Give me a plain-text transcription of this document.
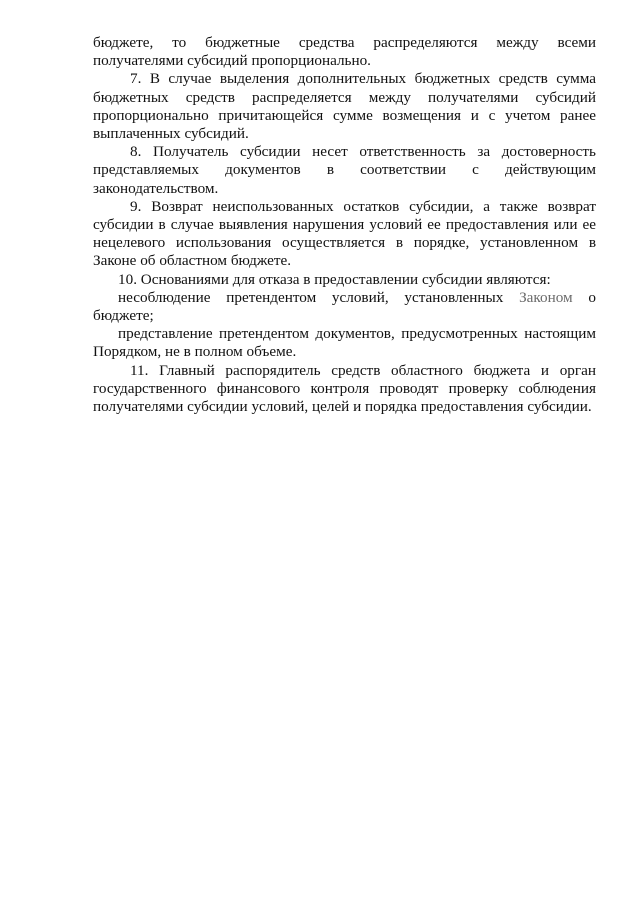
бюджете, то бюджетные средства распределяются между всеми получателями субсидий пропорционально.

7. В случае выделения дополнительных бюджетных средств сумма бюджетных средств распределяется между получателями субсидий пропорционально причитающейся сумме возмещения и с учетом ранее выплаченных субсидий.

8. Получатель субсидии несет ответственность за достоверность представляемых документов в соответствии с действующим законодательством.

9. Возврат неиспользованных остатков субсидии, а также возврат субсидии в случае выявления нарушения условий ее предоставления или ее нецелевого использования осуществляется в порядке, установленном в Законе об областном бюджете.

10. Основаниями для отказа в предоставлении субсидии являются:

несоблюдение претендентом условий, установленных Законом о бюджете;

представление претендентом документов, предусмотренных настоящим Порядком, не в полном объеме.

11. Главный распорядитель средств областного бюджета и орган государственного финансового контроля проводят проверку соблюдения получателями субсидии условий, целей и порядка предоставления субсидии.
